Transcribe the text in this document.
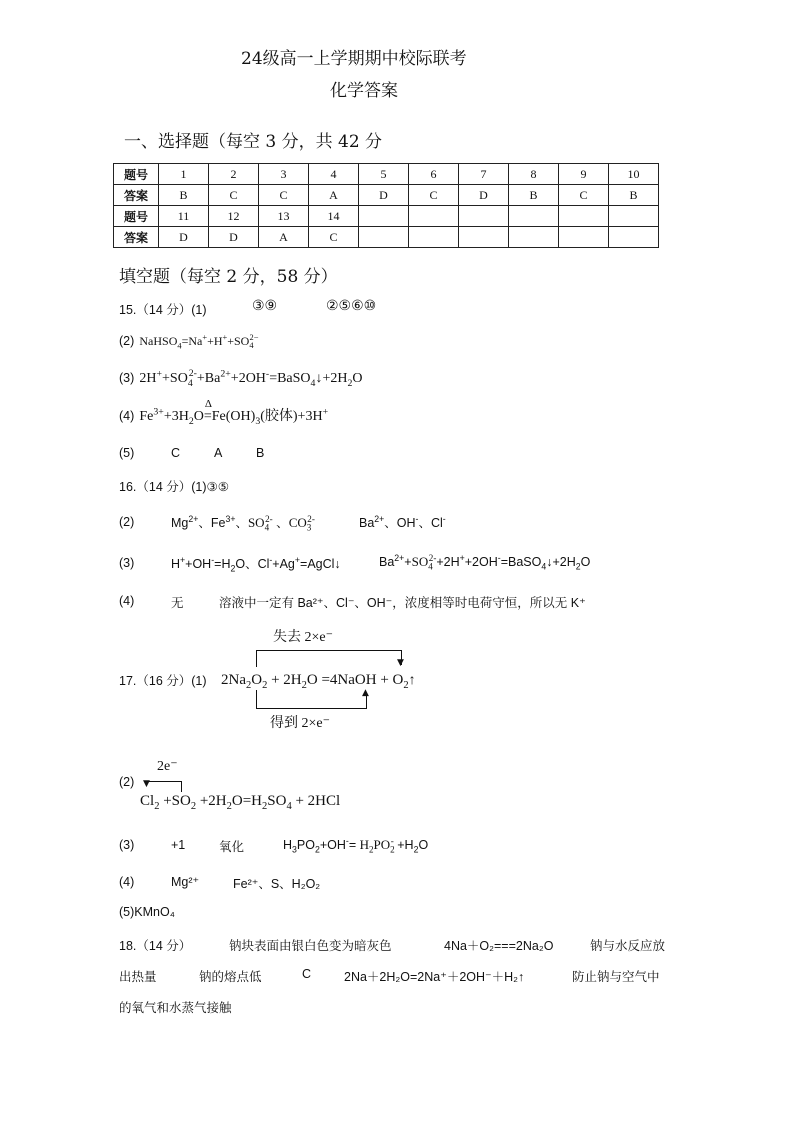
24级高一上学期期中校际联考
化学答案
一、选择题（每空 3 分，共 42 分
题号	1	2	3	4	5	6	7	8	9	10
答案	B	C	C	A	D	C	D	B	C	B
题号	11	12	13	14						
答案	D	D	A	C						
填空题（每空 2 分，58 分）
15.（14 分）(1)	③⑨	②⑤⑥⑩
(2) $NaHSO_4=Na^++H^++SO_4^{2-}$
(3) $2H^++SO_4^{2-}+Ba^{2+}+2OH^-=BaSO_4↓+2H_2O$
(4) $Fe^{3+}+3H_2O$
Δ
$=Fe(OH)_3$(胶体)+3H+
(5)	C	A	B
16.（14 分）(1)③⑤
(2)	$Mg^{2+}$、$Fe^{3+}$、$SO_4^{2-}$ 、$CO_3^{2-}$	$Ba^{2+}$、OH-、Cl-
(3)	$H^++OH^-=H_2O$、Cl-+Ag+=AgCl↓	$Ba^{2+}+SO_4^{2-}+2H^++2OH^-=BaSO_4↓+2H_2O$
(4)	无	溶液中一定有 Ba²⁺、Cl⁻、OH⁻，浓度相等时电荷守恒，所以无 K⁺
失去 2×e⁻
▼
17.（16 分）(1) $2Na_2O_2 + 2H_2O$ =4NaOH + $O_2↑$
▲
得到 2×e⁻
2e⁻
(2) ▼
$Cl_2 +SO_2 +2H_2O=H_2SO_4 + 2HCl$
(3)	+1	氧化	$H_3PO_2+OH^-= H_2PO_2^- +H_2O$
(4)	Mg²⁺	Fe²⁺、S、H₂O₂
(5)KMnO₄
18.（14 分）	钠块表面由银白色变为暗灰色	4Na＋O₂===2Na₂O	钠与水反应放
出热量	钠的熔点低	C	2Na＋2H₂O=2Na⁺＋2OH⁻＋H₂↑	防止钠与空气中
的氧气和水蒸气接触
